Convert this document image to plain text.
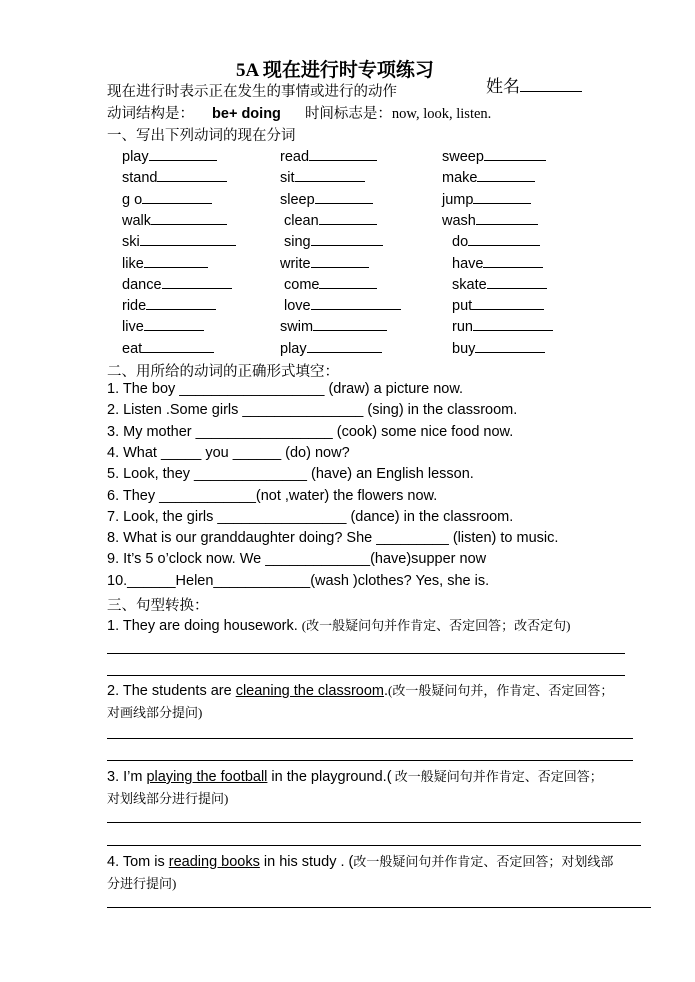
5A 现在进行时专项练习
姓名
现在进行时表示正在发生的事情或进行的动作
动词结构是： be+ doing 时间标志是：now, look, listen.
一、写出下列动词的现在分词
play	read	sweep
stand	sit	make
g o	sleep	jump
walk	clean	wash
ski	sing	do
like	write	have
dance	come	skate
ride	love	put
live	swim	run
eat	play	buy
二、用所给的动词的正确形式填空：
1. The boy __________________ (draw) a picture now.
2. Listen .Some girls _______________ (sing) in the classroom.
3. My mother _________________ (cook) some nice food now.
4. What _____ you ______ (do) now?
5. Look, they ______________ (have) an English lesson.
6. They ____________(not ,water) the flowers now.
7. Look, the girls ________________ (dance) in the classroom.
8. What is our granddaughter doing? She _________ (listen) to music.
9. It’s 5 o’clock now. We _____________(have)supper now
10.______Helen____________(wash )clothes? Yes, she is.
三、句型转换：
1. They are doing housework. (改一般疑问句并作肯定、否定回答；改否定句)
2. The students are cleaning the classroom.(改一般疑问句并，作肯定、否定回答；
对画线部分提问)
3. I’m playing the football in the playground.( 改一般疑问句并作肯定、否定回答；
对划线部分进行提问)
4. Tom is reading books in his study . (改一般疑问句并作肯定、否定回答；对划线部
分进行提问)
